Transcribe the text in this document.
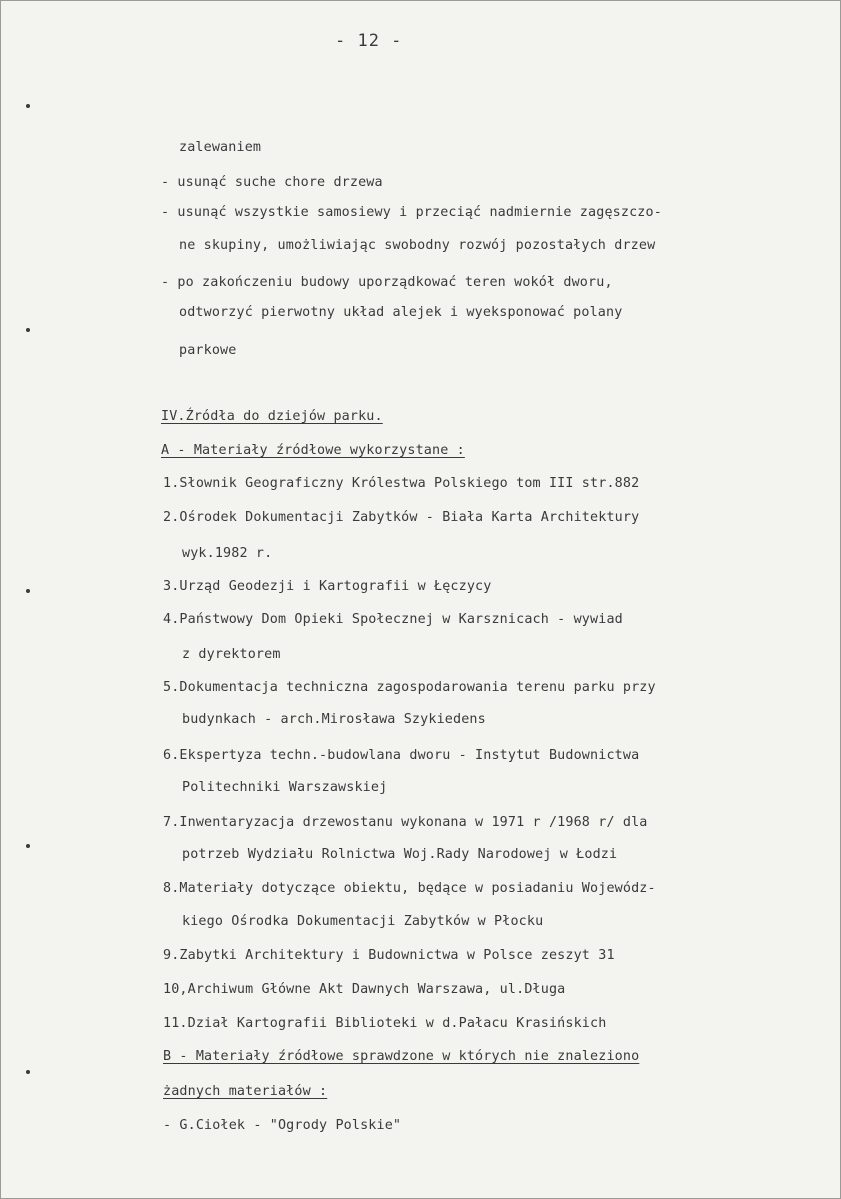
- 12 -
zalewaniem
- usunąć suche chore drzewa
- usunąć wszystkie samosiewy i przeciąć nadmiernie zagęszczo-
ne skupiny, umożliwiając swobodny rozwój pozostałych drzew
- po zakończeniu budowy uporządkować teren wokół dworu,
odtworzyć pierwotny układ alejek i wyeksponować polany
parkowe
IV.Źródła do dziejów parku.
A - Materiały źródłowe wykorzystane :
1.Słownik Geograficzny Królestwa Polskiego tom III str.882
2.Ośrodek Dokumentacji Zabytków - Biała Karta Architektury
wyk.1982 r.
3.Urząd Geodezji i Kartografii w Łęczycy
4.Państwowy Dom Opieki Społecznej w Karsznicach - wywiad
z dyrektorem
5.Dokumentacja techniczna zagospodarowania terenu parku przy
budynkach - arch.Mirosława Szykiedens
6.Ekspertyza techn.-budowlana dworu - Instytut Budownictwa
Politechniki Warszawskiej
7.Inwentaryzacja drzewostanu wykonana w 1971 r /1968 r/ dla
potrzeb Wydziału Rolnictwa Woj.Rady Narodowej w Łodzi
8.Materiały dotyczące obiektu, będące w posiadaniu Wojewódz-
kiego Ośrodka Dokumentacji Zabytków w Płocku
9.Zabytki Architektury i Budownictwa w Polsce zeszyt 31
10,Archiwum Główne Akt Dawnych Warszawa, ul.Długa
11.Dział Kartografii Biblioteki w d.Pałacu Krasińskich
B - Materiały źródłowe sprawdzone w których nie znaleziono
żadnych materiałów :
- G.Ciołek - "Ogrody Polskie"
